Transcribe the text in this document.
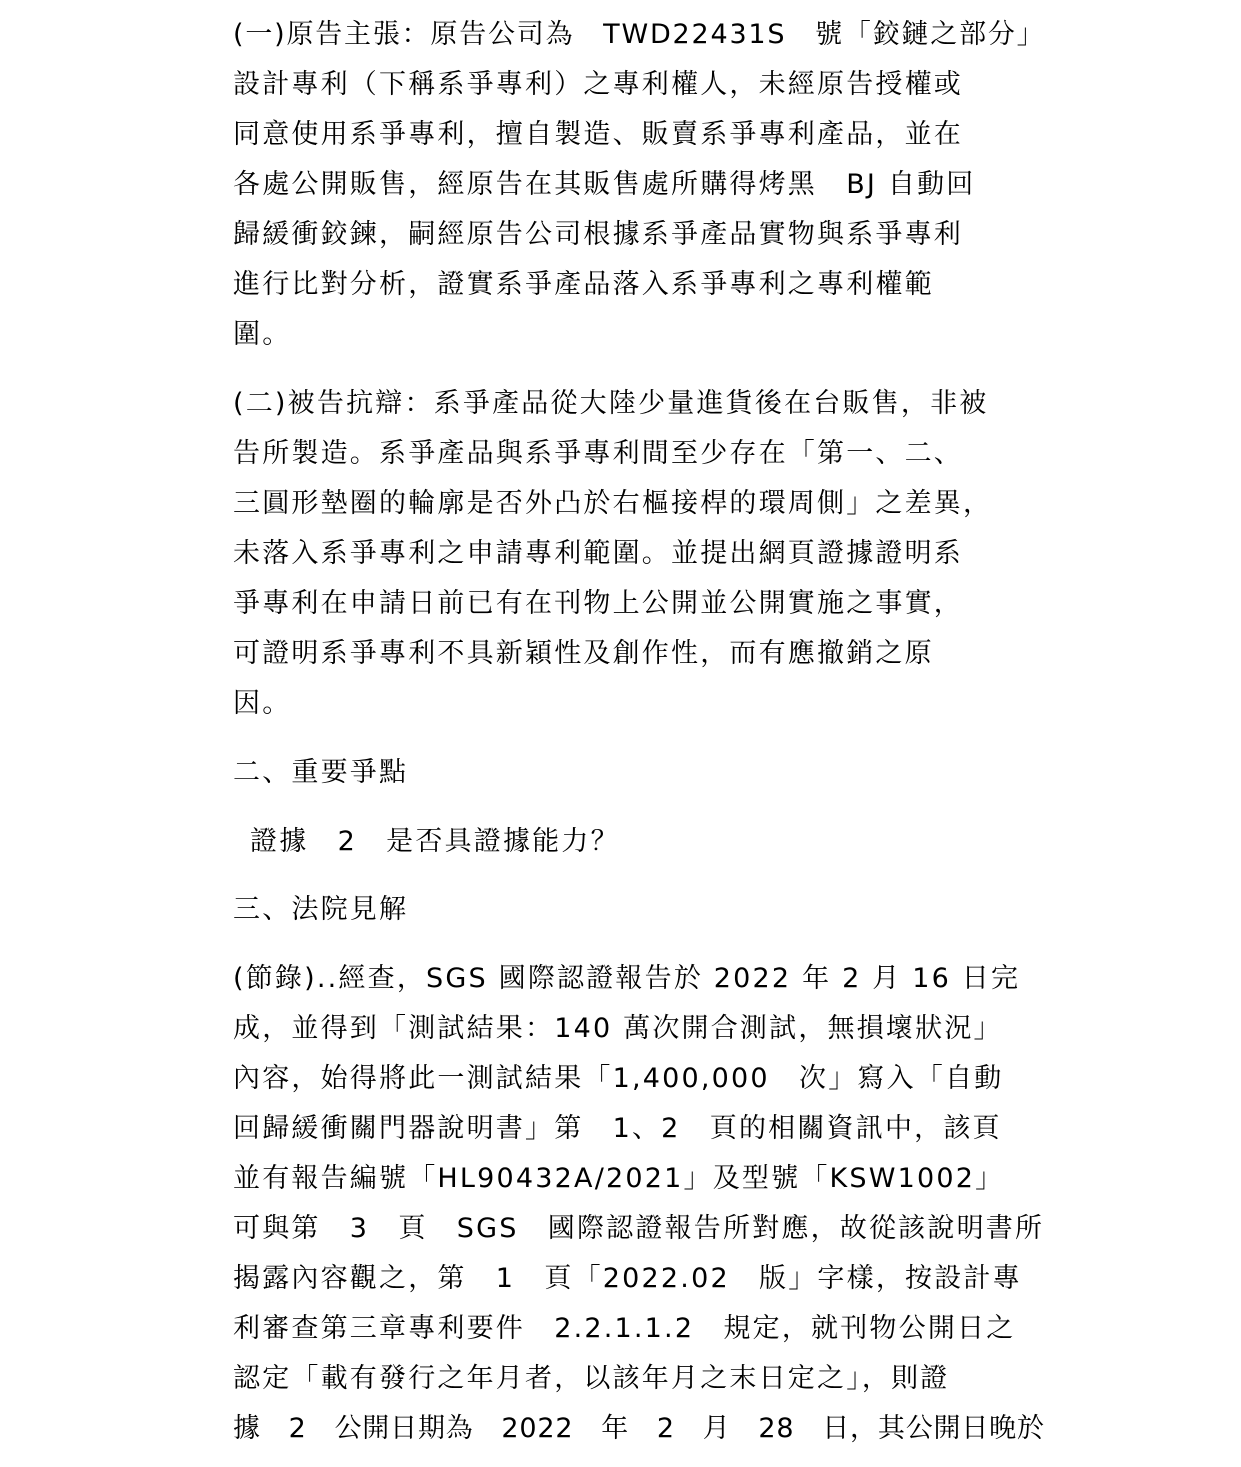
(一)原告主張：原告公司為　TWD22431S　號「鉸鏈之部分」
設計專利（下稱系爭專利）之專利權人，未經原告授權或
同意使用系爭專利，擅自製造、販賣系爭專利產品，並在
各處公開販售，經原告在其販售處所購得烤黑　BJ 自動回
歸緩衝鉸鍊，嗣經原告公司根據系爭產品實物與系爭專利
進行比對分析，證實系爭產品落入系爭專利之專利權範
圍。
(二)被告抗辯：系爭產品從大陸少量進貨後在台販售，非被
告所製造。系爭產品與系爭專利間至少存在「第一、二、
三圓形墊圈的輪廓是否外凸於右樞接桿的環周側」之差異，
未落入系爭專利之申請專利範圍。並提出網頁證據證明系
爭專利在申請日前已有在刊物上公開並公開實施之事實，
可證明系爭專利不具新穎性及創作性，而有應撤銷之原
因。
二、重要爭點
證據　2　是否具證據能力？
三、法院見解
(節錄)..經查，SGS 國際認證報告於 2022 年 2 月 16 日完
成，並得到「測試結果：140 萬次開合測試，無損壞狀況」
內容，始得將此一測試結果「1,400,000　次」寫入「自動
回歸緩衝關門器說明書」第　1、2　頁的相關資訊中，該頁
並有報告編號「HL90432A/2021」及型號「KSW1002」
可與第　3　頁　SGS　國際認證報告所對應，故從該說明書所
揭露內容觀之，第　1　頁「2022.02　版」字樣，按設計專
利審查第三章專利要件　2.2.1.1.2　規定，就刊物公開日之
認定「載有發行之年月者，以該年月之末日定之」，則證
據　2　公開日期為　2022　年　2　月　28　日，其公開日晚於
